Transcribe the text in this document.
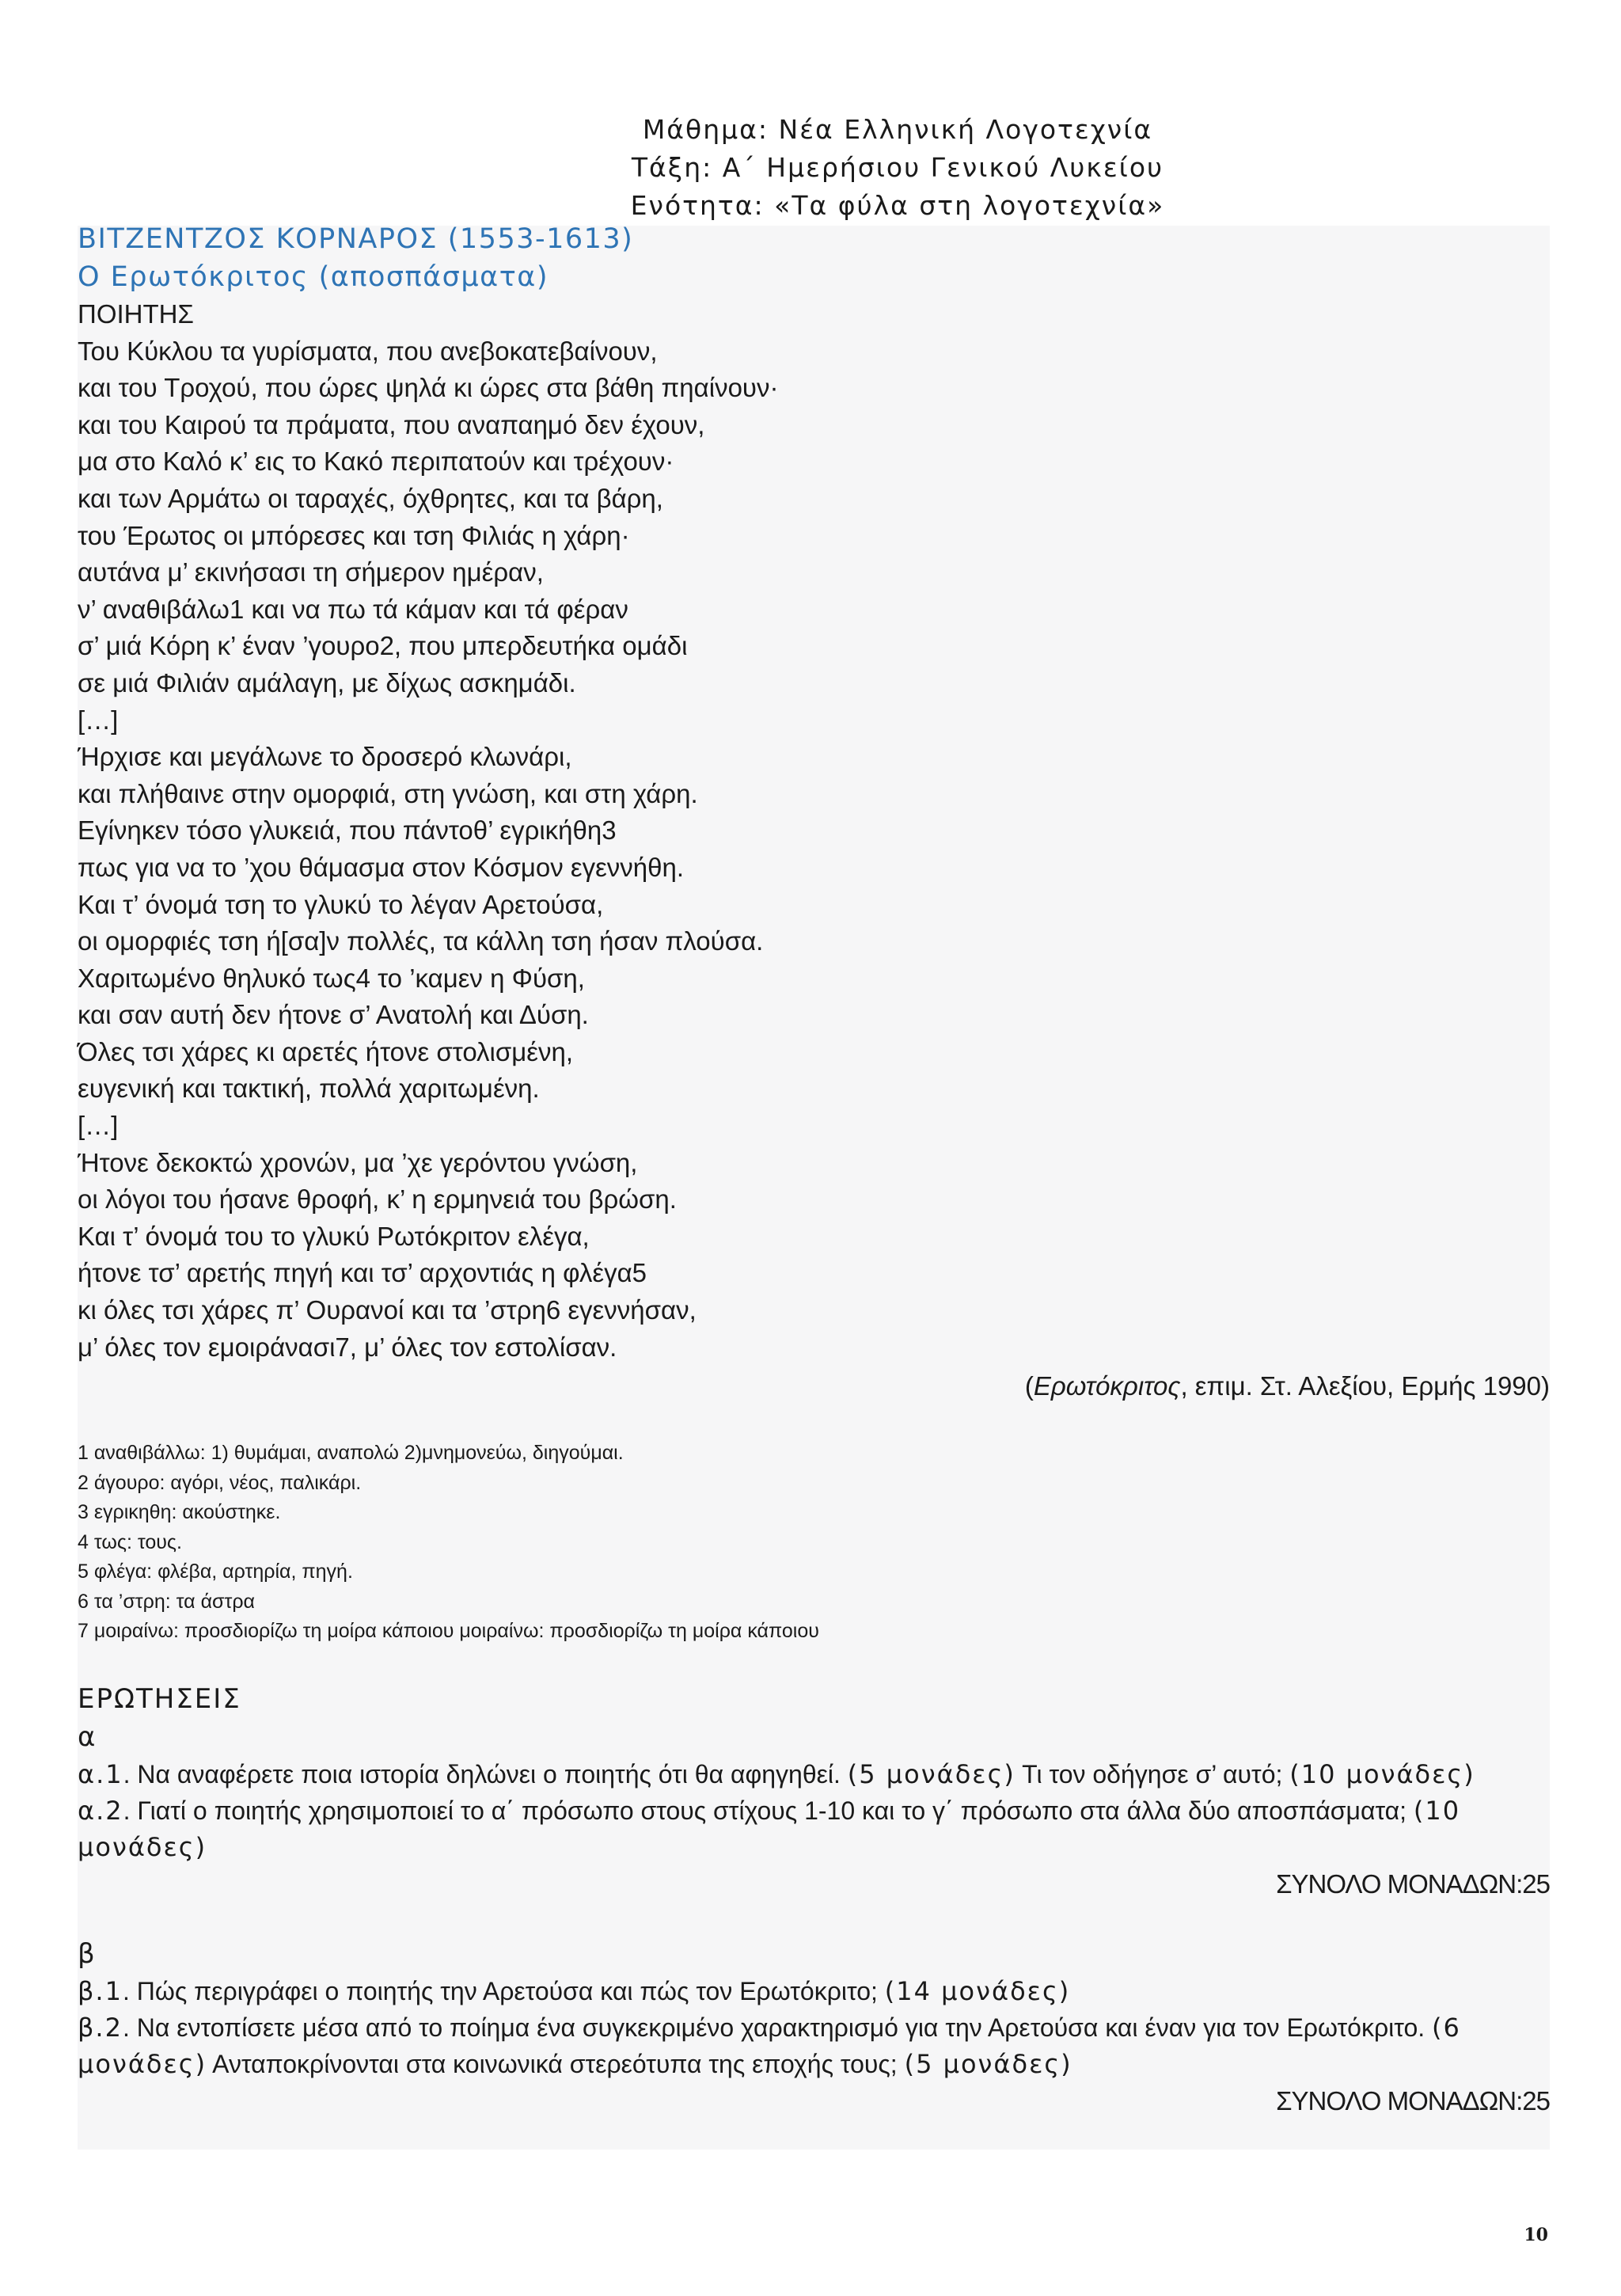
Μάθημα: Νέα Ελληνική Λογοτεχνία
Τάξη: Α΄ Ημερήσιου Γενικού Λυκείου
Ενότητα: «Τα φύλα στη λογοτεχνία»
ΒΙΤΖΕΝΤΖΟΣ ΚΟΡΝΑΡΟΣ (1553-1613)
Ο Ερωτόκριτος (αποσπάσματα)
ΠΟΙΗΤΗΣ
Του Κύκλου τα γυρίσματα, που ανεβοκατεβαίνουν,
και του Τροχού, που ώρες ψηλά κι ώρες στα βάθη πηαίνουν·
και του Καιρού τα πράματα, που αναπαημό δεν έχουν,
μα στο Καλό κ’ εις το Κακό περιπατούν και τρέχουν·
και των Αρμάτω οι ταραχές, όχθρητες, και τα βάρη,
του Έρωτος οι μπόρεσες και τση Φιλιάς η χάρη·
αυτάνα μ’ εκινήσασι τη σήμερον ημέραν,
ν’ αναθιβάλω1 και να πω τά κάμαν και τά φέραν
σ’ μιά Κόρη κ’ έναν ’γουρο2, που μπερδευτήκα ομάδι
σε μιά Φιλιάν αμάλαγη, με δίχως ασκημάδι.
[…]
Ήρχισε και μεγάλωνε το δροσερό κλωνάρι,
και πλήθαινε στην ομορφιά, στη γνώση, και στη χάρη.
Εγίνηκεν τόσο γλυκειά, που πάντοθ’ εγρικήθη3
πως για να το ’χου θάμασμα στον Κόσμον εγεννήθη.
Και τ’ όνομά τση το γλυκύ το λέγαν Αρετούσα,
οι ομορφιές τση ή[σα]ν πολλές, τα κάλλη τση ήσαν πλούσα.
Χαριτωμένο θηλυκό τως4 το ’καμεν η Φύση,
και σαν αυτή δεν ήτονε σ’ Ανατολή και Δύση.
Όλες τσι χάρες κι αρετές ήτονε στολισμένη,
ευγενική και τακτική, πολλά χαριτωμένη.
[…]
Ήτονε δεκοκτώ χρονών, μα ’χε γερόντου γνώση,
οι λόγοι του ήσανε θροφή, κ’ η ερμηνειά του βρώση.
Και τ’ όνομά του το γλυκύ Ρωτόκριτον ελέγα,
ήτονε τσ’ αρετής πηγή και τσ’ αρχοντιάς η φλέγα5
κι όλες τσι χάρες π’ Ουρανοί και τα ’στρη6 εγεννήσαν,
μ’ όλες τον εμοιράνασι7, μ’ όλες τον εστολίσαν.
(Ερωτόκριτος, επιμ. Στ. Αλεξίου, Ερμής 1990)
1 αναθιβάλλω: 1) θυμάμαι, αναπολώ 2)μνημονεύω, διηγούμαι.
2 άγουρο: αγόρι, νέος, παλικάρι.
3 εγρικηθη: ακούστηκε.
4 τως: τους.
5 φλέγα: φλέβα, αρτηρία, πηγή.
6 τα ’στρη: τα άστρα
7 μοιραίνω: προσδιορίζω τη μοίρα κάποιου μοιραίνω: προσδιορίζω τη μοίρα κάποιου
ΕΡΩΤΗΣΕΙΣ
α
α.1. Να αναφέρετε ποια ιστορία δηλώνει ο ποιητής ότι θα αφηγηθεί. (5 μονάδες) Τι τον οδήγησε σ’ αυτό; (10 μονάδες)
α.2. Γιατί ο ποιητής χρησιμοποιεί το α΄ πρόσωπο στους στίχους 1-10 και το γ΄ πρόσωπο στα άλλα δύο αποσπάσματα; (10 μονάδες)
ΣΥΝΟΛΟ ΜΟΝΑΔΩΝ:25
β
β.1. Πώς περιγράφει ο ποιητής την Αρετούσα και πώς τον Ερωτόκριτο; (14 μονάδες)
β.2. Να εντοπίσετε μέσα από το ποίημα ένα συγκεκριμένο χαρακτηρισμό για την Αρετούσα και έναν για τον Ερωτόκριτο. (6 μονάδες) Ανταποκρίνονται στα κοινωνικά στερεότυπα της εποχής τους; (5 μονάδες)
ΣΥΝΟΛΟ ΜΟΝΑΔΩΝ:25
10
